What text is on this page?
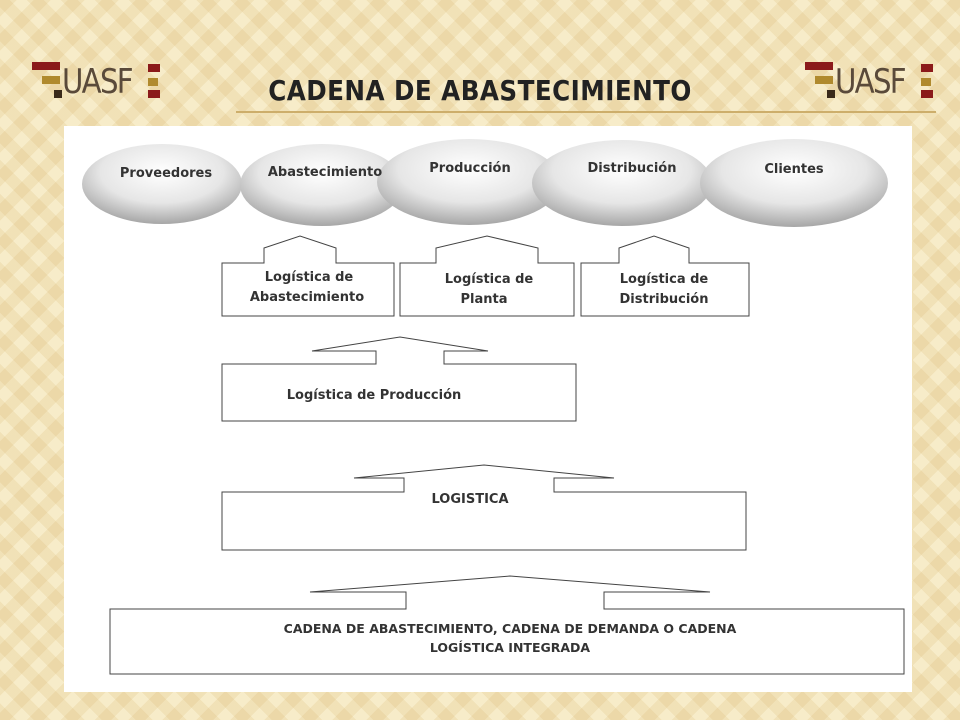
UASF	UASF
CADENA DE ABASTECIMIENTO
Proveedores	Abastecimiento	Producción	Distribución	Clientes
Logística de
Abastecimiento
Logística de
Planta
Logística de
Distribución
Logística de Producción
LOGISTICA
CADENA DE ABASTECIMIENTO, CADENA DE DEMANDA O CADENA
LOGÍSTICA INTEGRADA
